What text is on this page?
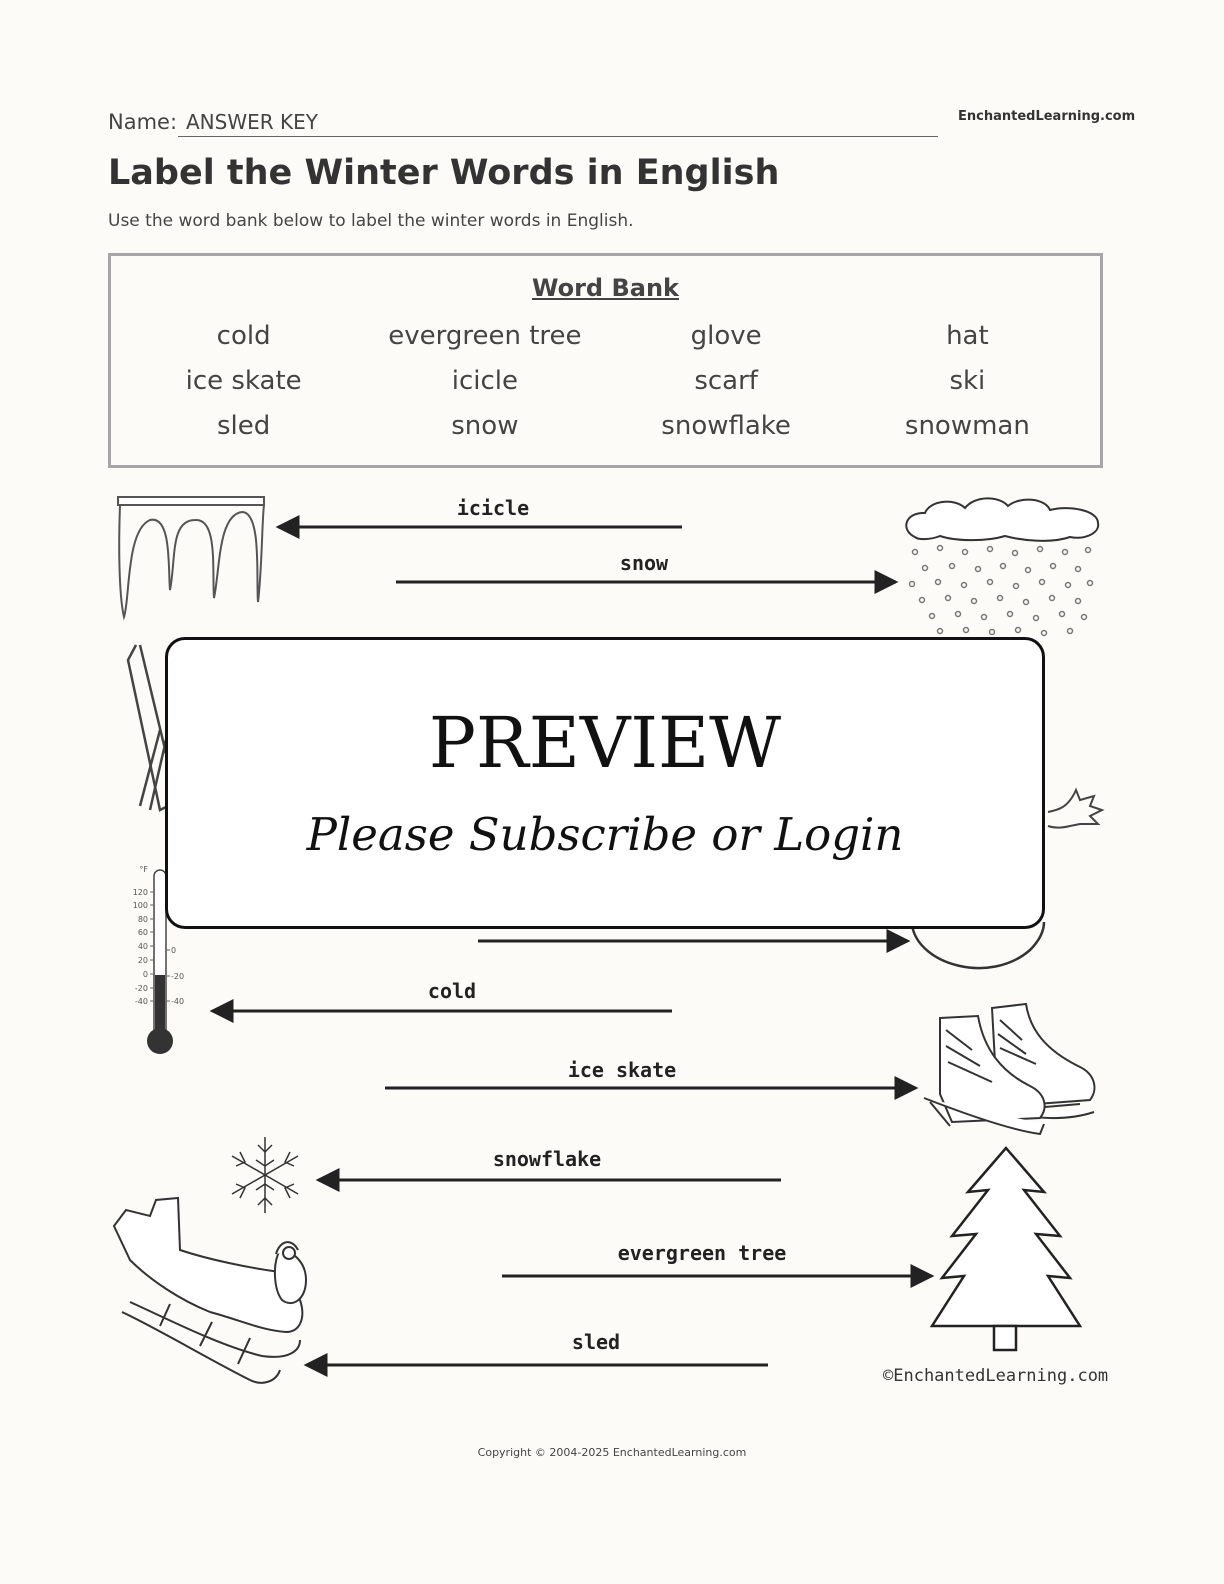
Name: ANSWER KEY	EnchantedLearning.com
Label the Winter Words in English
Use the word bank below to label the winter words in English.
Word Bank
cold	evergreen tree	glove	hat
ice skate	icicle	scarf	ski
sled	snow	snowflake	snowman
°F
120
100
80
60
40
20
0
-20
-40
0
-20
-40
icicle
snow
cold
ice skate
snowflake
evergreen tree
sled
©EnchantedLearning.com
PREVIEW
Please Subscribe or Login
Copyright © 2004-2025 EnchantedLearning.com
